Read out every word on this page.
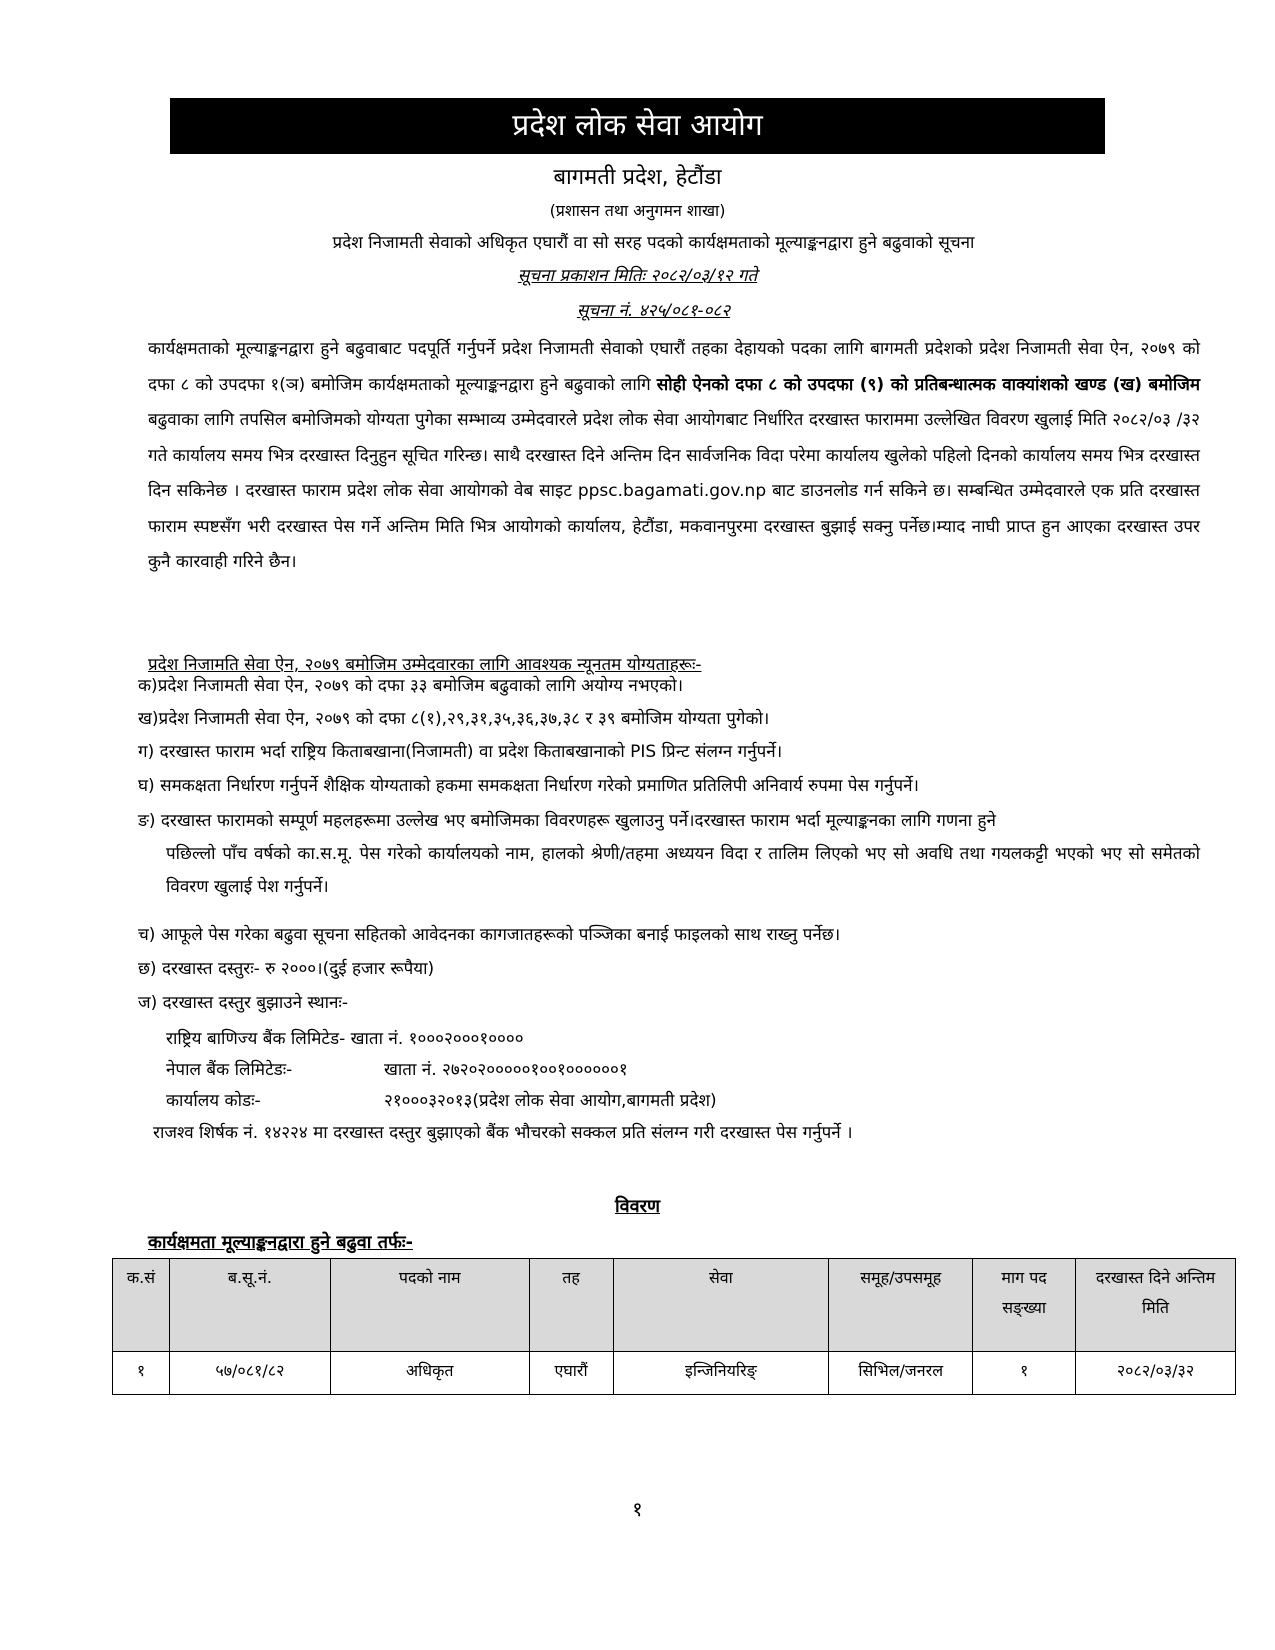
प्रदेश लोक सेवा आयोग
बागमती प्रदेश, हेटौंडा
(प्रशासन तथा अनुगमन शाखा)
प्रदेश निजामती सेवाको अधिकृत एघारौं वा सो सरह पदको कार्यक्षमताको मूल्याङ्कनद्वारा हुने बढुवाको सूचना
सूचना प्रकाशन मितिः २०८२/०३/१२ गते
सूचना नं. ४२५/०८१-०८२
कार्यक्षमताको मूल्याङ्कनद्वारा हुने बढुवाबाट पदपूर्ति गर्नुपर्ने प्रदेश निजामती सेवाको एघारौं तहका देहायको पदका लागि बागमती प्रदेशको प्रदेश निजामती सेवा ऐन, २०७९ को दफा ८ को उपदफा १(ञ) बमोजिम कार्यक्षमताको मूल्याङ्कनद्वारा हुने बढुवाको लागि सोही ऐनको दफा ८ को उपदफा (९) को प्रतिबन्धात्मक वाक्यांशको खण्ड (ख) बमोजिम बढुवाका लागि तपसिल बमोजिमको योग्यता पुगेका सम्भाव्य उम्मेदवारले प्रदेश लोक सेवा आयोगबाट निर्धारित दरखास्त फाराममा उल्लेखित विवरण खुलाई मिति २०८२/०३ /३२ गते कार्यालय समय भित्र दरखास्त दिनुहुन सूचित गरिन्छ। साथै दरखास्त दिने अन्तिम दिन सार्वजनिक विदा परेमा कार्यालय खुलेको पहिलो दिनको कार्यालय समय भित्र दरखास्त दिन सकिनेछ । दरखास्त फाराम प्रदेश लोक सेवा आयोगको वेब साइट ppsc.bagamati.gov.np बाट डाउनलोड गर्न सकिने छ। सम्बन्धित उम्मेदवारले एक प्रति दरखास्त फाराम स्पष्टसँग भरी दरखास्त पेस गर्ने अन्तिम मिति भित्र आयोगको कार्यालय, हेटौंडा, मकवानपुरमा दरखास्त बुझाई सक्नु पर्नेछ।म्याद नाघी प्राप्त हुन आएका दरखास्त उपर कुनै कारवाही गरिने छैन।
प्रदेश निजामति सेवा ऐन, २०७९ बमोजिम उम्मेदवारका लागि आवश्यक न्यूनतम योग्यताहरूः-
क)प्रदेश निजामती सेवा ऐन, २०७९ को दफा ३३ बमोजिम बढुवाको लागि अयोग्य नभएको।
ख)प्रदेश निजामती सेवा ऐन, २०७९ को दफा ८(१),२९,३१,३५,३६,३७,३८ र ३९ बमोजिम योग्यता पुगेको।
ग) दरखास्त फाराम भर्दा राष्ट्रिय किताबखाना(निजामती) वा प्रदेश किताबखानाको PIS प्रिन्ट संलग्न गर्नुपर्ने।
घ) समकक्षता निर्धारण गर्नुपर्ने शैक्षिक योग्यताको हकमा समकक्षता निर्धारण गरेको प्रमाणित प्रतिलिपी अनिवार्य रुपमा पेस गर्नुपर्ने।
ङ) दरखास्त फारामको सम्पूर्ण महलहरूमा उल्लेख भए बमोजिमका विवरणहरू खुलाउनु पर्ने।दरखास्त फाराम भर्दा मूल्याङ्कनका लागि गणना हुने
पछिल्लो पाँच वर्षको का.स.मू. पेस गरेको कार्यालयको नाम, हालको श्रेणी/तहमा अध्ययन विदा र तालिम लिएको भए सो अवधि तथा गयलकट्टी भएको भए सो समेतको विवरण खुलाई पेश गर्नुपर्ने।
च) आफूले पेस गरेका बढुवा सूचना सहितको आवेदनका कागजातहरूको पञ्जिका बनाई फाइलको साथ राख्नु पर्नेछ।
छ) दरखास्त दस्तुरः- रु २०००।(दुई हजार रूपैया)
ज) दरखास्त दस्तुर बुझाउने स्थानः-
राष्ट्रिय बाणिज्य बैंक लिमिटेड- खाता नं. १०००२०००१००००
नेपाल बैंक लिमिटेडः-	खाता नं. २७२०२०००००१००१००००००१
कार्यालय कोडः-	२१०००३२०१३(प्रदेश लोक सेवा आयोग,बागमती प्रदेश)
राजश्व शिर्षक नं. १४२२४ मा दरखास्त दस्तुर बुझाएको बैंक भौचरको सक्कल प्रति संलग्न गरी दरखास्त पेस गर्नुपर्ने ।
विवरण
कार्यक्षमता मूल्याङ्कनद्वारा हुने बढुवा तर्फः-
क.सं	ब.सू.नं.	पदको नाम	तह	सेवा	समूह/उपसमूह	माग पद सङ्ख्या	दरखास्त दिने अन्तिम मिति
१	५७/०८१/८२	अधिकृत	एघारौं	इन्जिनियरिङ्	सिभिल/जनरल	१	२०८२/०३/३२
१
